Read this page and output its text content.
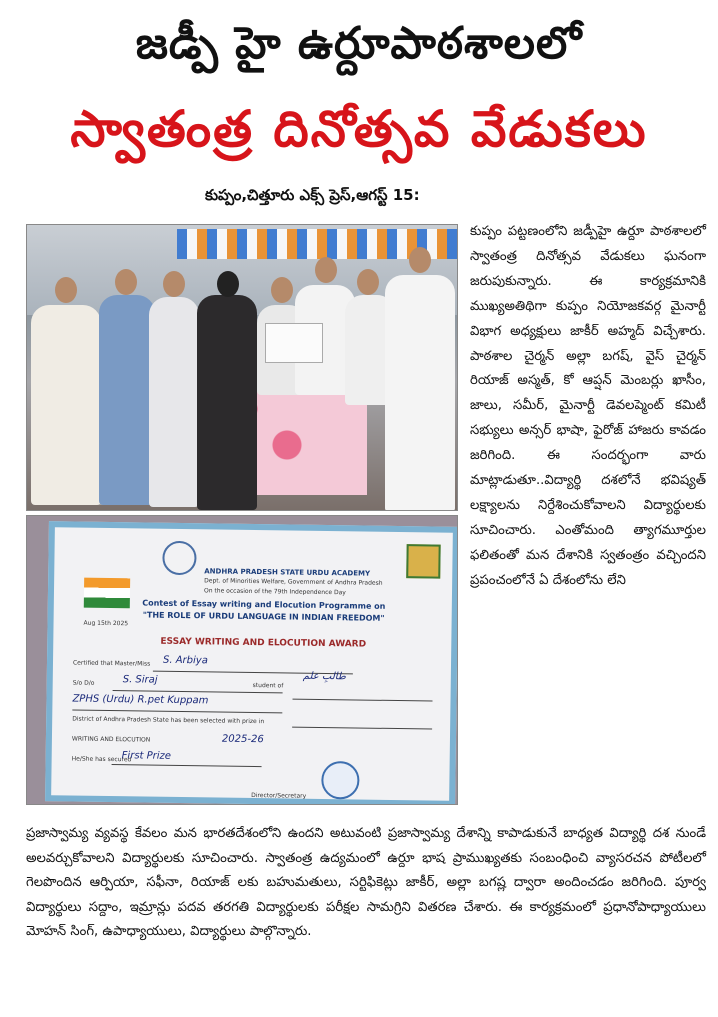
జడ్పీ హై ఉర్దూపాఠశాలలో
స్వాతంత్ర దినోత్సవ వేడుకలు
కుప్పం,చిత్తూరు ఎక్స్ ప్రెస్,ఆగస్ట్ 15:
ANDHRA PRADESH STATE URDU ACADEMY
Dept. of Minorities Welfare, Government of Andhra Pradesh
On the occasion of the 79th Independence Day
Contest of Essay writing and Elocution Programme on
"THE ROLE OF URDU LANGUAGE IN INDIAN FREEDOM"
Aug 15th 2025
ESSAY WRITING AND ELOCUTION AWARD
Certified that Master/Miss S. Arbiya
S/o D/o	S. Siraj
student of
ZPHS (Urdu) R.pet Kuppam
District of Andhra Pradesh State has been selected with prize in
WRITING AND ELOCUTION	2025-26
He/She has secured
First Prize
طالبِ علم
Director/Secretary
కుప్పం పట్టణంలోని జడ్పీహై ఉర్దూ పాఠశాలలో స్వాతంత్ర దినోత్సవ వేడుకలు ఘనంగా జరుపుకున్నారు. ఈ కార్యక్రమానికి ముఖ్యఅతిథిగా కుప్పం నియోజకవర్గ మైనార్టీ విభాగ అధ్యక్షులు జాకీర్ అహ్మద్ విచ్చేశారు. పాఠశాల చైర్మన్ అల్లా బగష్, వైస్ చైర్మన్ రియాజ్ అస్మత్, కో ఆప్షన్ మెంబర్లు ఖాసీం, జాలు, సమీర్, మైనార్టీ డెవలప్మెంట్ కమిటీ సభ్యులు అన్సర్ భాషా, ఫైరోజ్ హాజరు కావడం జరిగింది. ఈ సందర్భంగా వారు మాట్లాడుతూ..విద్యార్థి దశలోనే భవిష్యత్ లక్ష్యాలను నిర్దేశించుకోవాలని విద్యార్థులకు సూచించారు. ఎంతోమంది త్యాగమూర్తుల ఫలితంతో మన దేశానికి స్వతంత్రం వచ్చిందని ప్రపంచంలోనే ఏ దేశంలోను లేని
ప్రజాస్వామ్య వ్యవస్థ కేవలం మన భారతదేశంలోని ఉందని అటువంటి ప్రజాస్వామ్య దేశాన్ని కాపాడుకునే బాధ్యత విద్యార్థి దశ నుండే అలవర్చుకోవాలని విద్యార్థులకు సూచించారు. స్వాతంత్ర ఉద్యమంలో ఉర్దూ భాష ప్రాముఖ్యతకు సంబంధించి వ్యాసరచన పోటీలలో గెలపొందిన ఆర్పియా, సఫీనా, రియాజ్ లకు బహుమతులు, సర్టిఫికెట్లు జాకీర్, అల్లా బగష్ల ద్వారా అందించడం జరిగింది. పూర్వ విద్యార్థులు సద్దాం, ఇమ్రాన్లు పదవ తరగతి విద్యార్థులకు పరీక్షల సామగ్రిని వితరణ చేశారు. ఈ కార్యక్రమంలో ప్రధానోపాధ్యాయులు మోహన్ సింగ్, ఉపాధ్యాయులు, విద్యార్థులు పాల్గొన్నారు.
